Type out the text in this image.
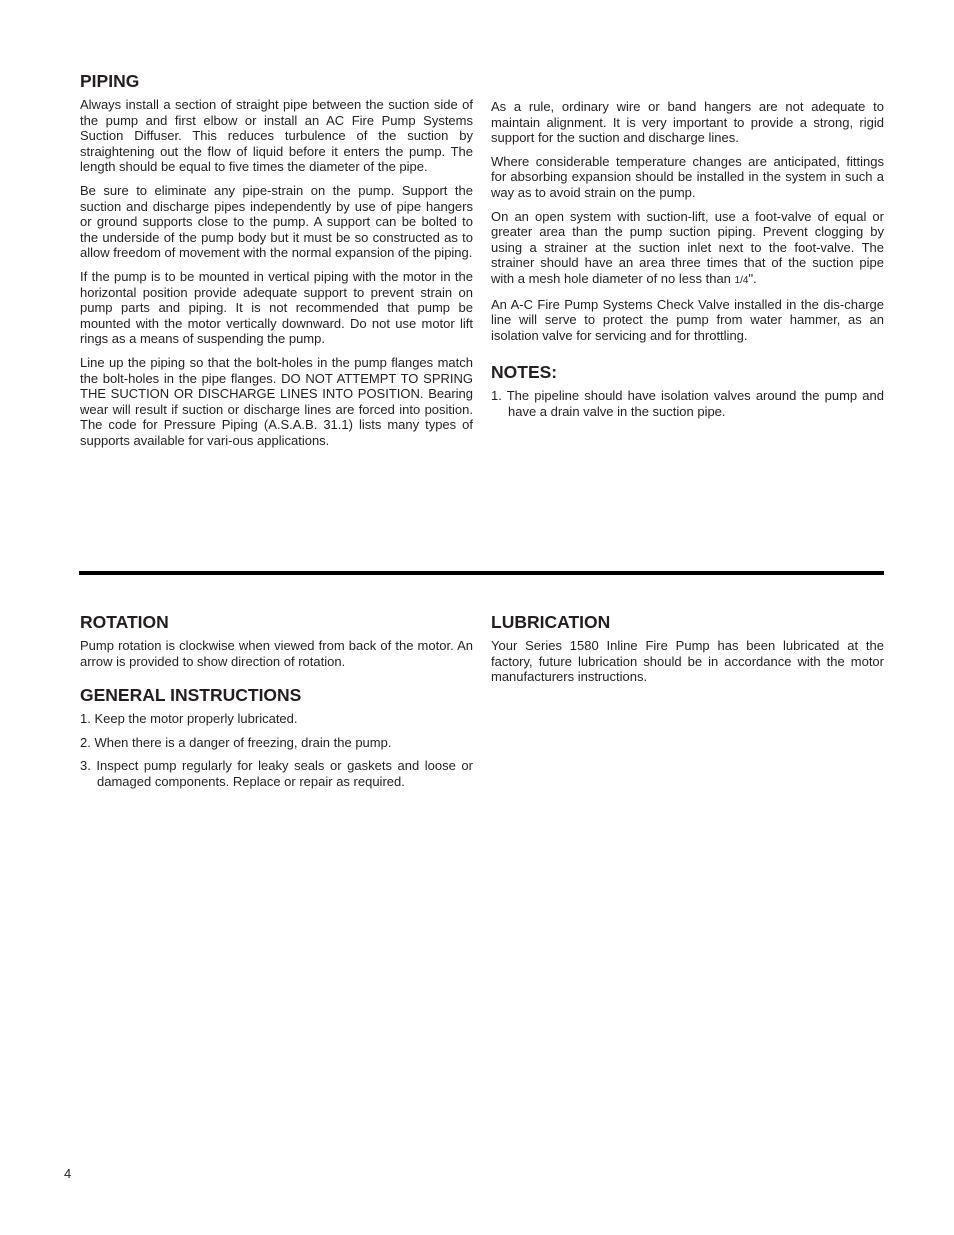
PIPING

Always install a section of straight pipe between the suction side of the pump and first elbow or install an AC Fire Pump Systems Suction Diffuser. This reduces turbulence of the suction by straightening out the flow of liquid before it enters the pump. The length should be equal to five times the diameter of the pipe.

Be sure to eliminate any pipe-strain on the pump. Support the suction and discharge pipes independently by use of pipe hangers or ground supports close to the pump. A support can be bolted to the underside of the pump body but it must be so constructed as to allow freedom of movement with the normal expansion of the piping.

If the pump is to be mounted in vertical piping with the motor in the horizontal position provide adequate support to prevent strain on pump parts and piping. It is not recommended that pump be mounted with the motor vertically downward. Do not use motor lift rings as a means of suspending the pump.

Line up the piping so that the bolt-holes in the pump flanges match the bolt-holes in the pipe flanges. DO NOT ATTEMPT TO SPRING THE SUCTION OR DISCHARGE LINES INTO POSITION. Bearing wear will result if suction or discharge lines are forced into position. The code for Pressure Piping (A.S.A.B. 31.1) lists many types of supports available for vari-ous applications.

As a rule, ordinary wire or band hangers are not adequate to maintain alignment. It is very important to provide a strong, rigid support for the suction and discharge lines.

Where considerable temperature changes are anticipated, fittings for absorbing expansion should be installed in the system in such a way as to avoid strain on the pump.

On an open system with suction-lift, use a foot-valve of equal or greater area than the pump suction piping. Prevent clogging by using a strainer at the suction inlet next to the foot-valve. The strainer should have an area three times that of the suction pipe with a mesh hole diameter of no less than 1/4".

An A-C Fire Pump Systems Check Valve installed in the dis-charge line will serve to protect the pump from water hammer, as an isolation valve for servicing and for throttling.

NOTES:
1. The pipeline should have isolation valves around the pump and have a drain valve in the suction pipe.
ROTATION

Pump rotation is clockwise when viewed from back of the motor. An arrow is provided to show direction of rotation.

GENERAL INSTRUCTIONS
1. Keep the motor properly lubricated.
2. When there is a danger of freezing, drain the pump.
3. Inspect pump regularly for leaky seals or gaskets and loose or damaged components. Replace or repair as required.
LUBRICATION

Your Series 1580 Inline Fire Pump has been lubricated at the factory, future lubrication should be in accordance with the motor manufacturers instructions.

4
